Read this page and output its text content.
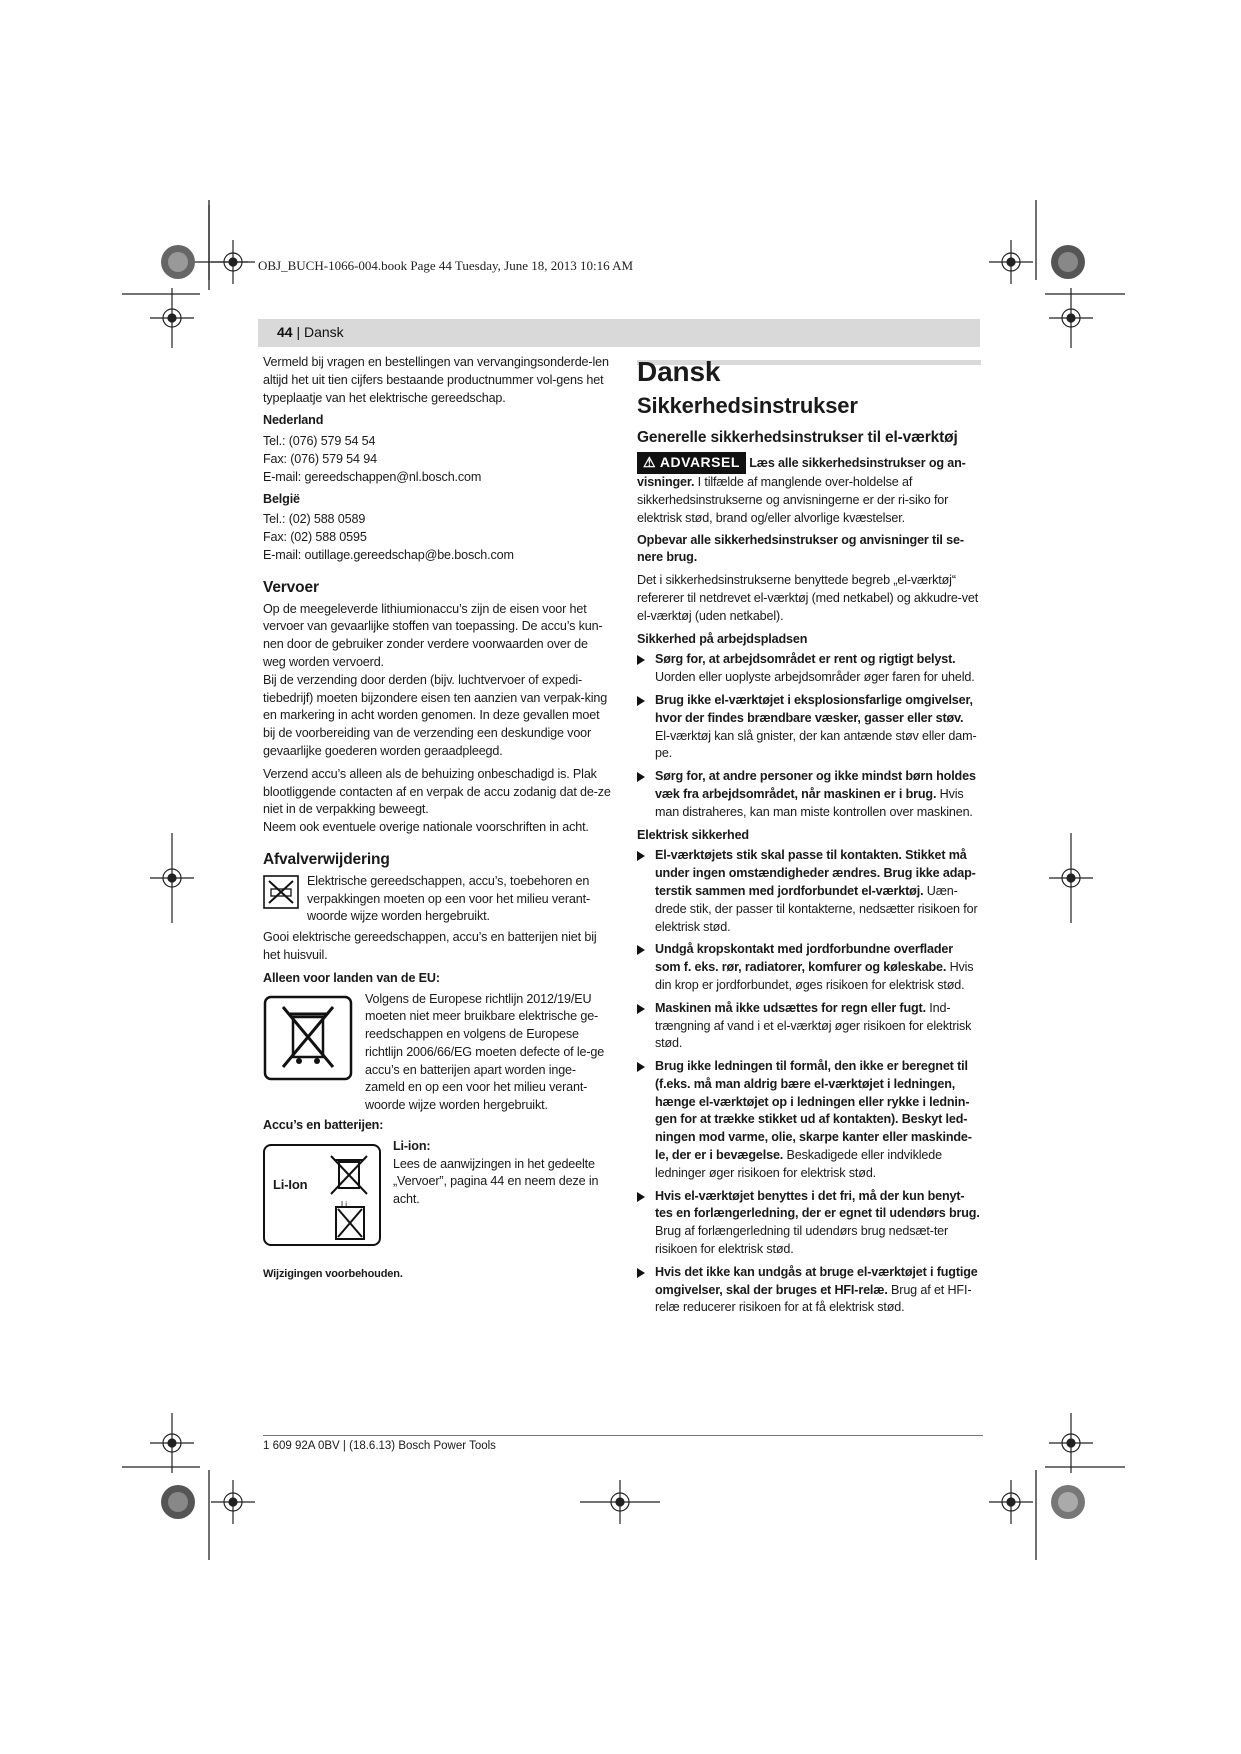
OBJ_BUCH-1066-004.book Page 44 Tuesday, June 18, 2013 10:16 AM
44 | Dansk

Vermeld bij vragen en bestellingen van vervangingsonderde-len altijd het uit tien cijfers bestaande productnummer vol-gens het typeplaatje van het elektrische gereedschap.

Nederland
Tel.: (076) 579 54 54
Fax: (076) 579 54 94
E-mail: gereedschappen@nl.bosch.com
België
Tel.: (02) 588 0589
Fax: (02) 588 0595
E-mail: outillage.gereedschap@be.bosch.com
Vervoer
Op de meegeleverde lithiumionaccu’s zijn de eisen voor het vervoer van gevaarlijke stoffen van toepassing. De accu’s kun-nen door de gebruiker zonder verdere voorwaarden over de weg worden vervoerd.

Bij de verzending door derden (bijv. luchtvervoer of expedi-tiebedrijf) moeten bijzondere eisen ten aanzien van verpak-king en markering in acht worden genomen. In deze gevallen moet bij de voorbereiding van de verzending een deskundige voor gevaarlijke goederen worden geraadpleegd.

Verzend accu’s alleen als de behuizing onbeschadigd is. Plak blootliggende contacten af en verpak de accu zodanig dat de-ze niet in de verpakking beweegt.

Neem ook eventuele overige nationale voorschriften in acht.

Afvalverwijdering
Elektrische gereedschappen, accu’s, toebehoren en verpakkingen moeten op een voor het milieu verant-woorde wijze worden hergebruikt.

Gooi elektrische gereedschappen, accu’s en batterijen niet bij het huisvuil.

Alleen voor landen van de EU:
Volgens de Europese richtlijn 2012/19/EU moeten niet meer bruikbare elektrische ge-reedschappen en volgens de Europese richtlijn 2006/66/EG moeten defecte of le-ge accu’s en batterijen apart worden inge-zameld en op een voor het milieu verant-woorde wijze worden hergebruikt.
Accu’s en batterijen:
Li-Ion
Li
Li-ion:
Lees de aanwijzingen in het gedeelte „Vervoer”, pagina 44 en neem deze in acht.
Wijzigingen voorbehouden.
Dansk
Sikkerhedsinstrukser
Generelle sikkerhedsinstrukser til el-værktøj
⚠ ADVARSEL Læs alle sikkerhedsinstrukser og an-visninger. I tilfælde af manglende over-holdelse af sikkerhedsinstrukserne og anvisningerne er der ri-siko for elektrisk stød, brand og/eller alvorlige kvæstelser.

Opbevar alle sikkerhedsinstrukser og anvisninger til se-nere brug.

Det i sikkerhedsinstrukserne benyttede begreb „el-værktøj“ refererer til netdrevet el-værktøj (med netkabel) og akkudre-vet el-værktøj (uden netkabel).

Sikkerhed på arbejdspladsen
Sørg for, at arbejdsområdet er rent og rigtigt belyst. Uorden eller uoplyste arbejdsområder øger faren for uheld.
Brug ikke el-værktøjet i eksplosionsfarlige omgivelser, hvor der findes brændbare væsker, gasser eller støv. El-værktøj kan slå gnister, der kan antænde støv eller dam-pe.
Sørg for, at andre personer og ikke mindst børn holdes væk fra arbejdsområdet, når maskinen er i brug. Hvis man distraheres, kan man miste kontrollen over maskinen.
Elektrisk sikkerhed
El-værktøjets stik skal passe til kontakten. Stikket må under ingen omstændigheder ændres. Brug ikke adap-terstik sammen med jordforbundet el-værktøj. Uæn-drede stik, der passer til kontakterne, nedsætter risikoen for elektrisk stød.
Undgå kropskontakt med jordforbundne overflader som f. eks. rør, radiatorer, komfurer og køleskabe. Hvis din krop er jordforbundet, øges risikoen for elektrisk stød.
Maskinen må ikke udsættes for regn eller fugt. Ind-trængning af vand i et el-værktøj øger risikoen for elektrisk stød.
Brug ikke ledningen til formål, den ikke er beregnet til (f.eks. må man aldrig bære el-værktøjet i ledningen, hænge el-værktøjet op i ledningen eller rykke i lednin-gen for at trække stikket ud af kontakten). Beskyt led-ningen mod varme, olie, skarpe kanter eller maskinde-le, der er i bevægelse. Beskadigede eller indviklede ledninger øger risikoen for elektrisk stød.
Hvis el-værktøjet benyttes i det fri, må der kun benyt-tes en forlængerledning, der er egnet til udendørs brug. Brug af forlængerledning til udendørs brug nedsæt-ter risikoen for elektrisk stød.
Hvis det ikke kan undgås at bruge el-værktøjet i fugtige omgivelser, skal der bruges et HFI-relæ. Brug af et HFI-relæ reducerer risikoen for at få elektrisk stød.
1 609 92A 0BV | (18.6.13) Bosch Power Tools
